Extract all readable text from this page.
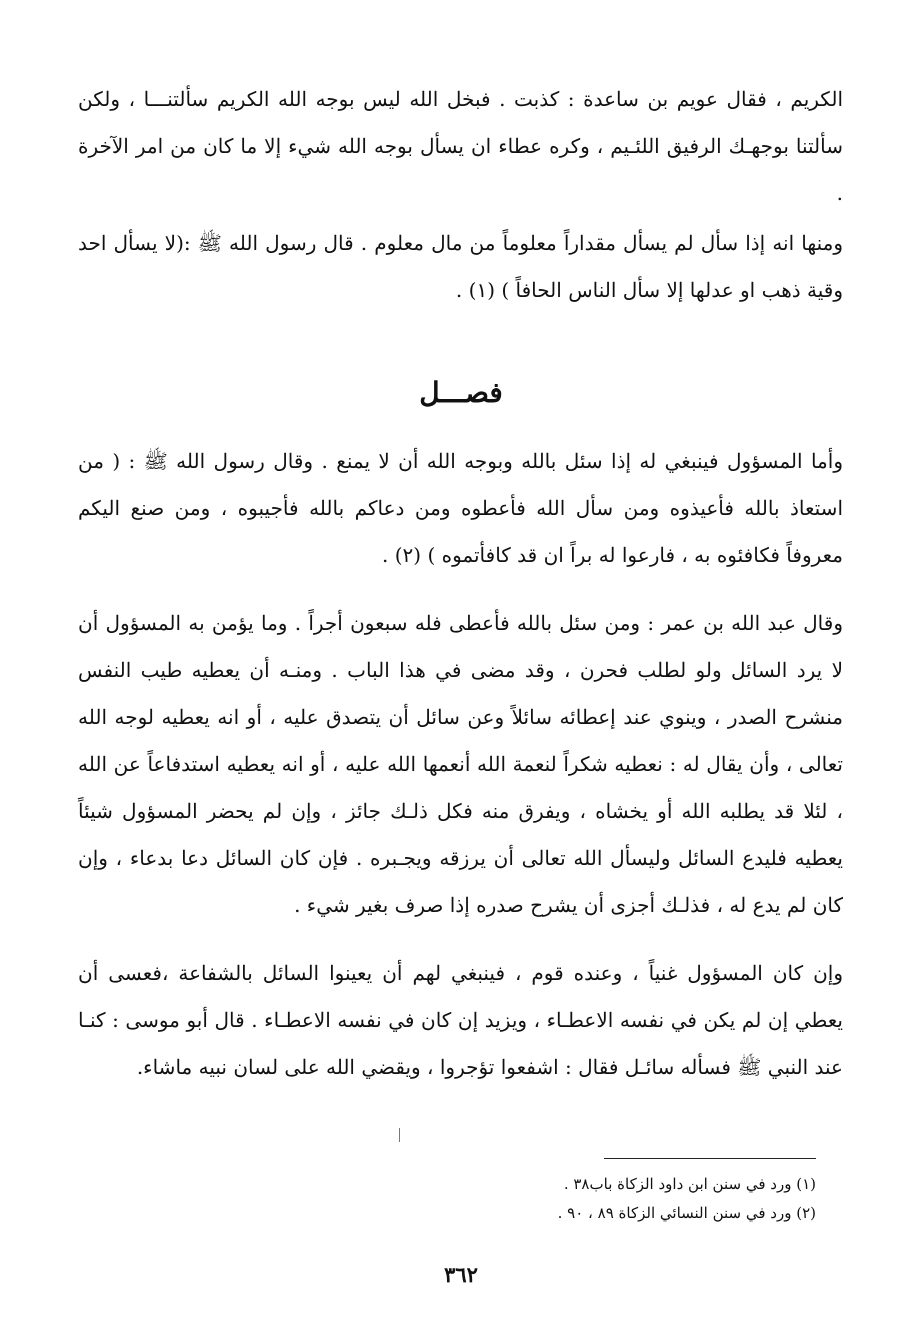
الكريم ، فقال عويم بن ساعدة : كذبت . فبخل الله ليس بوجه الله الكريم سألتنـــا ، ولكن سألتنا بوجهـك الرفيق اللئـيم ، وكره عطاء ان يسأل بوجه الله شيء إلا ما كان من امر الآخرة .

ومنها انه إذا سأل لم يسأل مقداراً معلوماً من مال معلوم . قال رسول الله ﷺ :(لا يسأل احد وقية ذهب او عدلها إلا سأل الناس الحافاً ) (١) .

فصـــل

وأما المسؤول فينبغي له إذا سئل بالله وبوجه الله أن لا يمنع . وقال رسول الله ﷺ : ( من استعاذ بالله فأعيذوه ومن سأل الله فأعطوه ومن دعاكم بالله فأجيبوه ، ومن صنع اليكم معروفاً فكافئوه به ، فارعوا له براً ان قد كافأتموه ) (٢) .

وقال عبد الله بن عمر : ومن سئل بالله فأعطى فله سبعون أجراً . وما يؤمن به المسؤول أن لا يرد السائل ولو لطلب فحرن ، وقد مضى في هذا الباب . ومنـه أن يعطيه طيب النفس منشرح الصدر ، وينوي عند إعطائه سائلاً وعن سائل أن يتصدق عليه ، أو انه يعطيه لوجه الله تعالى ، وأن يقال له : نعطيه شكراً لنعمة الله أنعمها الله عليه ، أو انه يعطيه استدفاعاً عن الله ، لئلا قد يطلبه الله أو يخشاه ، ويفرق منه فكل ذلـك جائز ، وإن لم يحضر المسؤول شيئاً يعطيه فليدع السائل وليسأل الله تعالى أن يرزقه ويجـبره . فإن كان السائل دعا بدعاء ، وإن كان لم يدع له ، فذلـك أجزى أن يشرح صدره إذا صرف بغير شيء .

وإن كان المسؤول غنياً ، وعنده قوم ، فينبغي لهم أن يعينوا السائل بالشفاعة ،فعسى أن يعطي إن لم يكن في نفسه الاعطـاء ، ويزيد إن كان في نفسه الاعطـاء . قال أبو موسى : كنـا عند النبي ﷺ فسأله سائـل فقال : اشفعوا تؤجروا ، ويقضي الله على لسان نبيه ماشاء.

(١) ورد في سنن ابن داود الزكاة باب٣٨ .
(٢) ورد في سنن النسائي الزكاة ٨٩ ، ٩٠ .
٣٦٢
